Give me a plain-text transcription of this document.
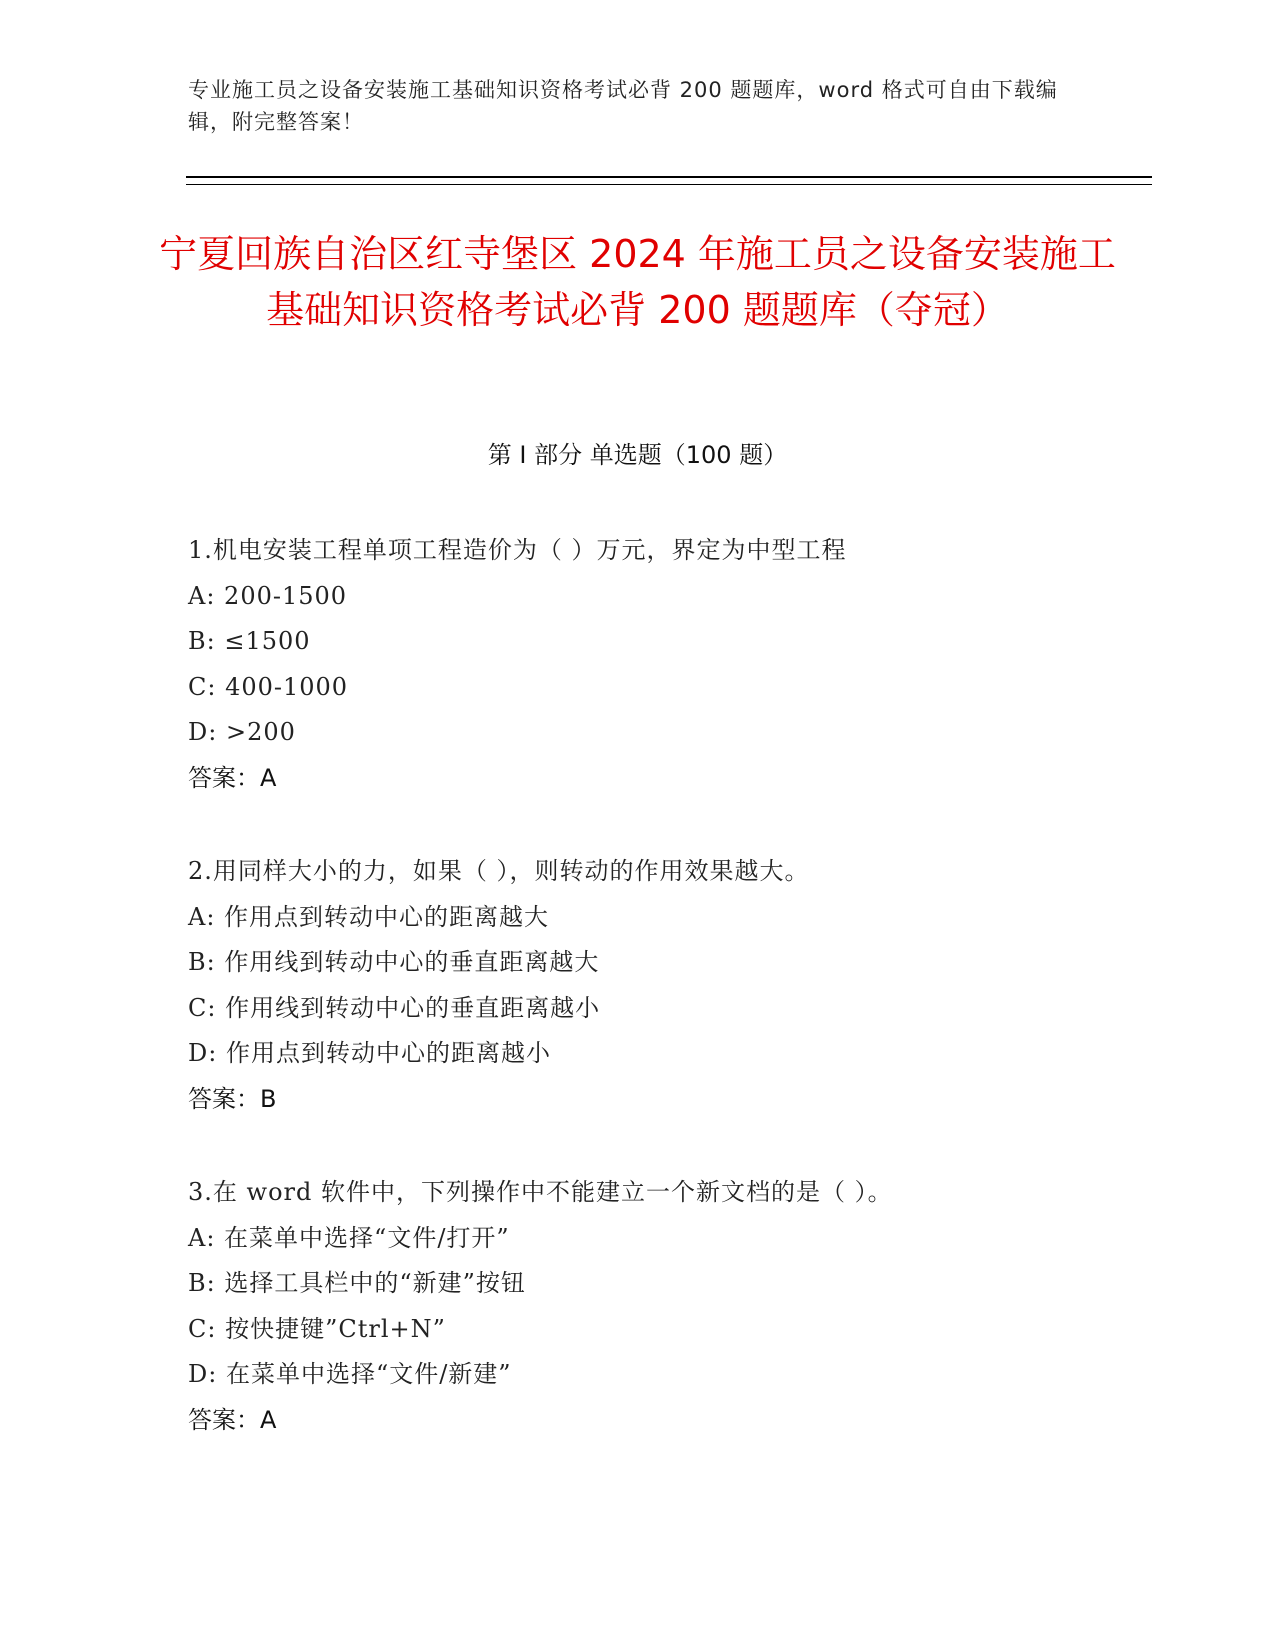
专业施工员之设备安装施工基础知识资格考试必背 200 题题库，word 格式可自由下载编辑，附完整答案！
宁夏回族自治区红寺堡区 2024 年施工员之设备安装施工基础知识资格考试必背 200 题题库（夺冠）
第 I 部分 单选题（100 题）
1.机电安装工程单项工程造价为（ ）万元，界定为中型工程
A: 200-1500
B: ≤1500
C: 400-1000
D: >200
答案：A
2.用同样大小的力，如果（ ），则转动的作用效果越大。
A: 作用点到转动中心的距离越大
B: 作用线到转动中心的垂直距离越大
C: 作用线到转动中心的垂直距离越小
D: 作用点到转动中心的距离越小
答案：B
3.在 word 软件中，下列操作中不能建立一个新文档的是（ ）。
A: 在菜单中选择“文件/打开”
B: 选择工具栏中的“新建”按钮
C: 按快捷键”Ctrl+N”
D: 在菜单中选择“文件/新建”
答案：A
